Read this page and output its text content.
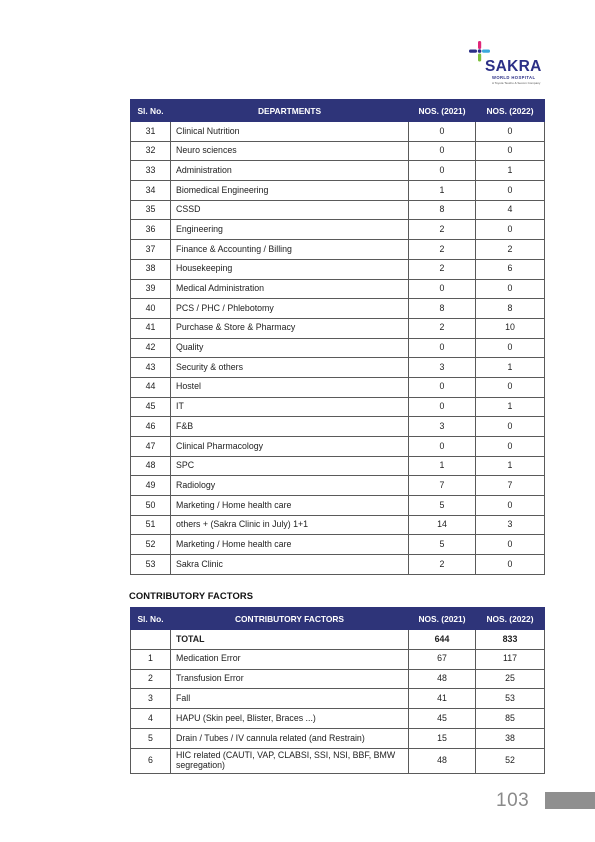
SAKRA
WORLD HOSPITAL
A Toyota Tsusho & Secom Company
Sl. No.	DEPARTMENTS	NOS. (2021)	NOS. (2022)
31	Clinical Nutrition	0	0
32	Neuro sciences	0	0
33	Administration	0	1
34	Biomedical Engineering	1	0
35	CSSD	8	4
36	Engineering	2	0
37	Finance & Accounting / Billing	2	2
38	Housekeeping	2	6
39	Medical Administration	0	0
40	PCS / PHC / Phlebotomy	8	8
41	Purchase & Store & Pharmacy	2	10
42	Quality	0	0
43	Security & others	3	1
44	Hostel	0	0
45	IT	0	1
46	F&B	3	0
47	Clinical Pharmacology	0	0
48	SPC	1	1
49	Radiology	7	7
50	Marketing / Home health care	5	0
51	others + (Sakra Clinic in July) 1+1	14	3
52	Marketing / Home health care	5	0
53	Sakra Clinic	2	0
CONTRIBUTORY FACTORS
Sl. No.	CONTRIBUTORY FACTORS	NOS. (2021)	NOS. (2022)
	TOTAL	644	833
1	Medication Error	67	117
2	Transfusion Error	48	25
3	Fall	41	53
4	HAPU (Skin peel, Blister, Braces ...)	45	85
5	Drain / Tubes / IV cannula related (and Restrain)	15	38
6	HIC related (CAUTI, VAP, CLABSI, SSI, NSI, BBF, BMW segregation)	48	52
103
